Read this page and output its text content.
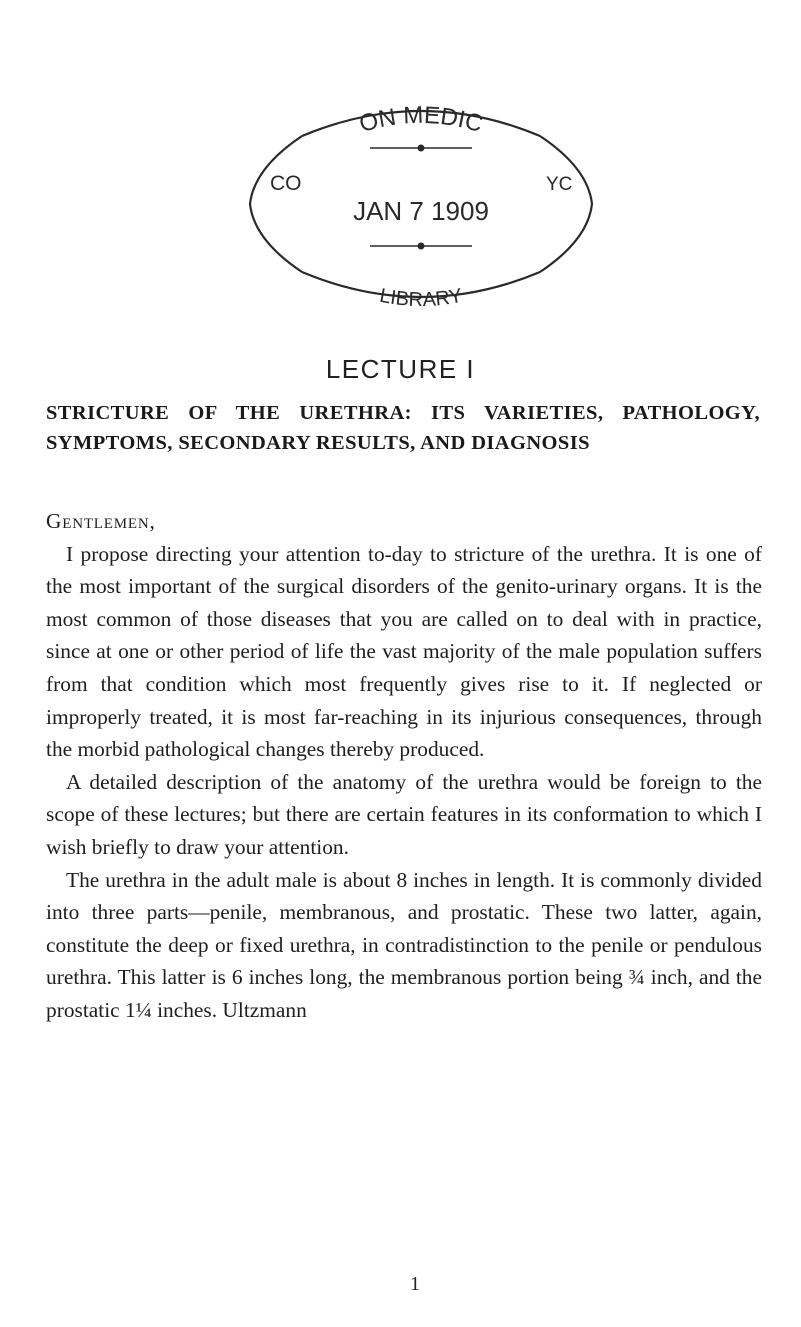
ON MEDIC
CO	YC
JAN 7 1909
LIBRARY
LECTURE I
STRICTURE OF THE URETHRA: ITS VARIETIES, PATHOLOGY, SYMPTOMS, SECONDARY RESULTS, AND DIAGNOSIS

Gentlemen,

I propose directing your attention to-day to stricture of the urethra. It is one of the most important of the surgical disorders of the genito-urinary organs. It is the most common of those diseases that you are called on to deal with in practice, since at one or other period of life the vast majority of the male population suffers from that condition which most frequently gives rise to it. If neglected or improperly treated, it is most far-reaching in its injurious consequences, through the morbid pathological changes thereby produced.

A detailed description of the anatomy of the urethra would be foreign to the scope of these lectures; but there are certain features in its conformation to which I wish briefly to draw your attention.

The urethra in the adult male is about 8 inches in length. It is commonly divided into three parts—penile, membranous, and prostatic. These two latter, again, constitute the deep or fixed urethra, in contradistinction to the penile or pendulous urethra. This latter is 6 inches long, the membranous portion being ¾ inch, and the prostatic 1¼ inches. Ultzmann

1
